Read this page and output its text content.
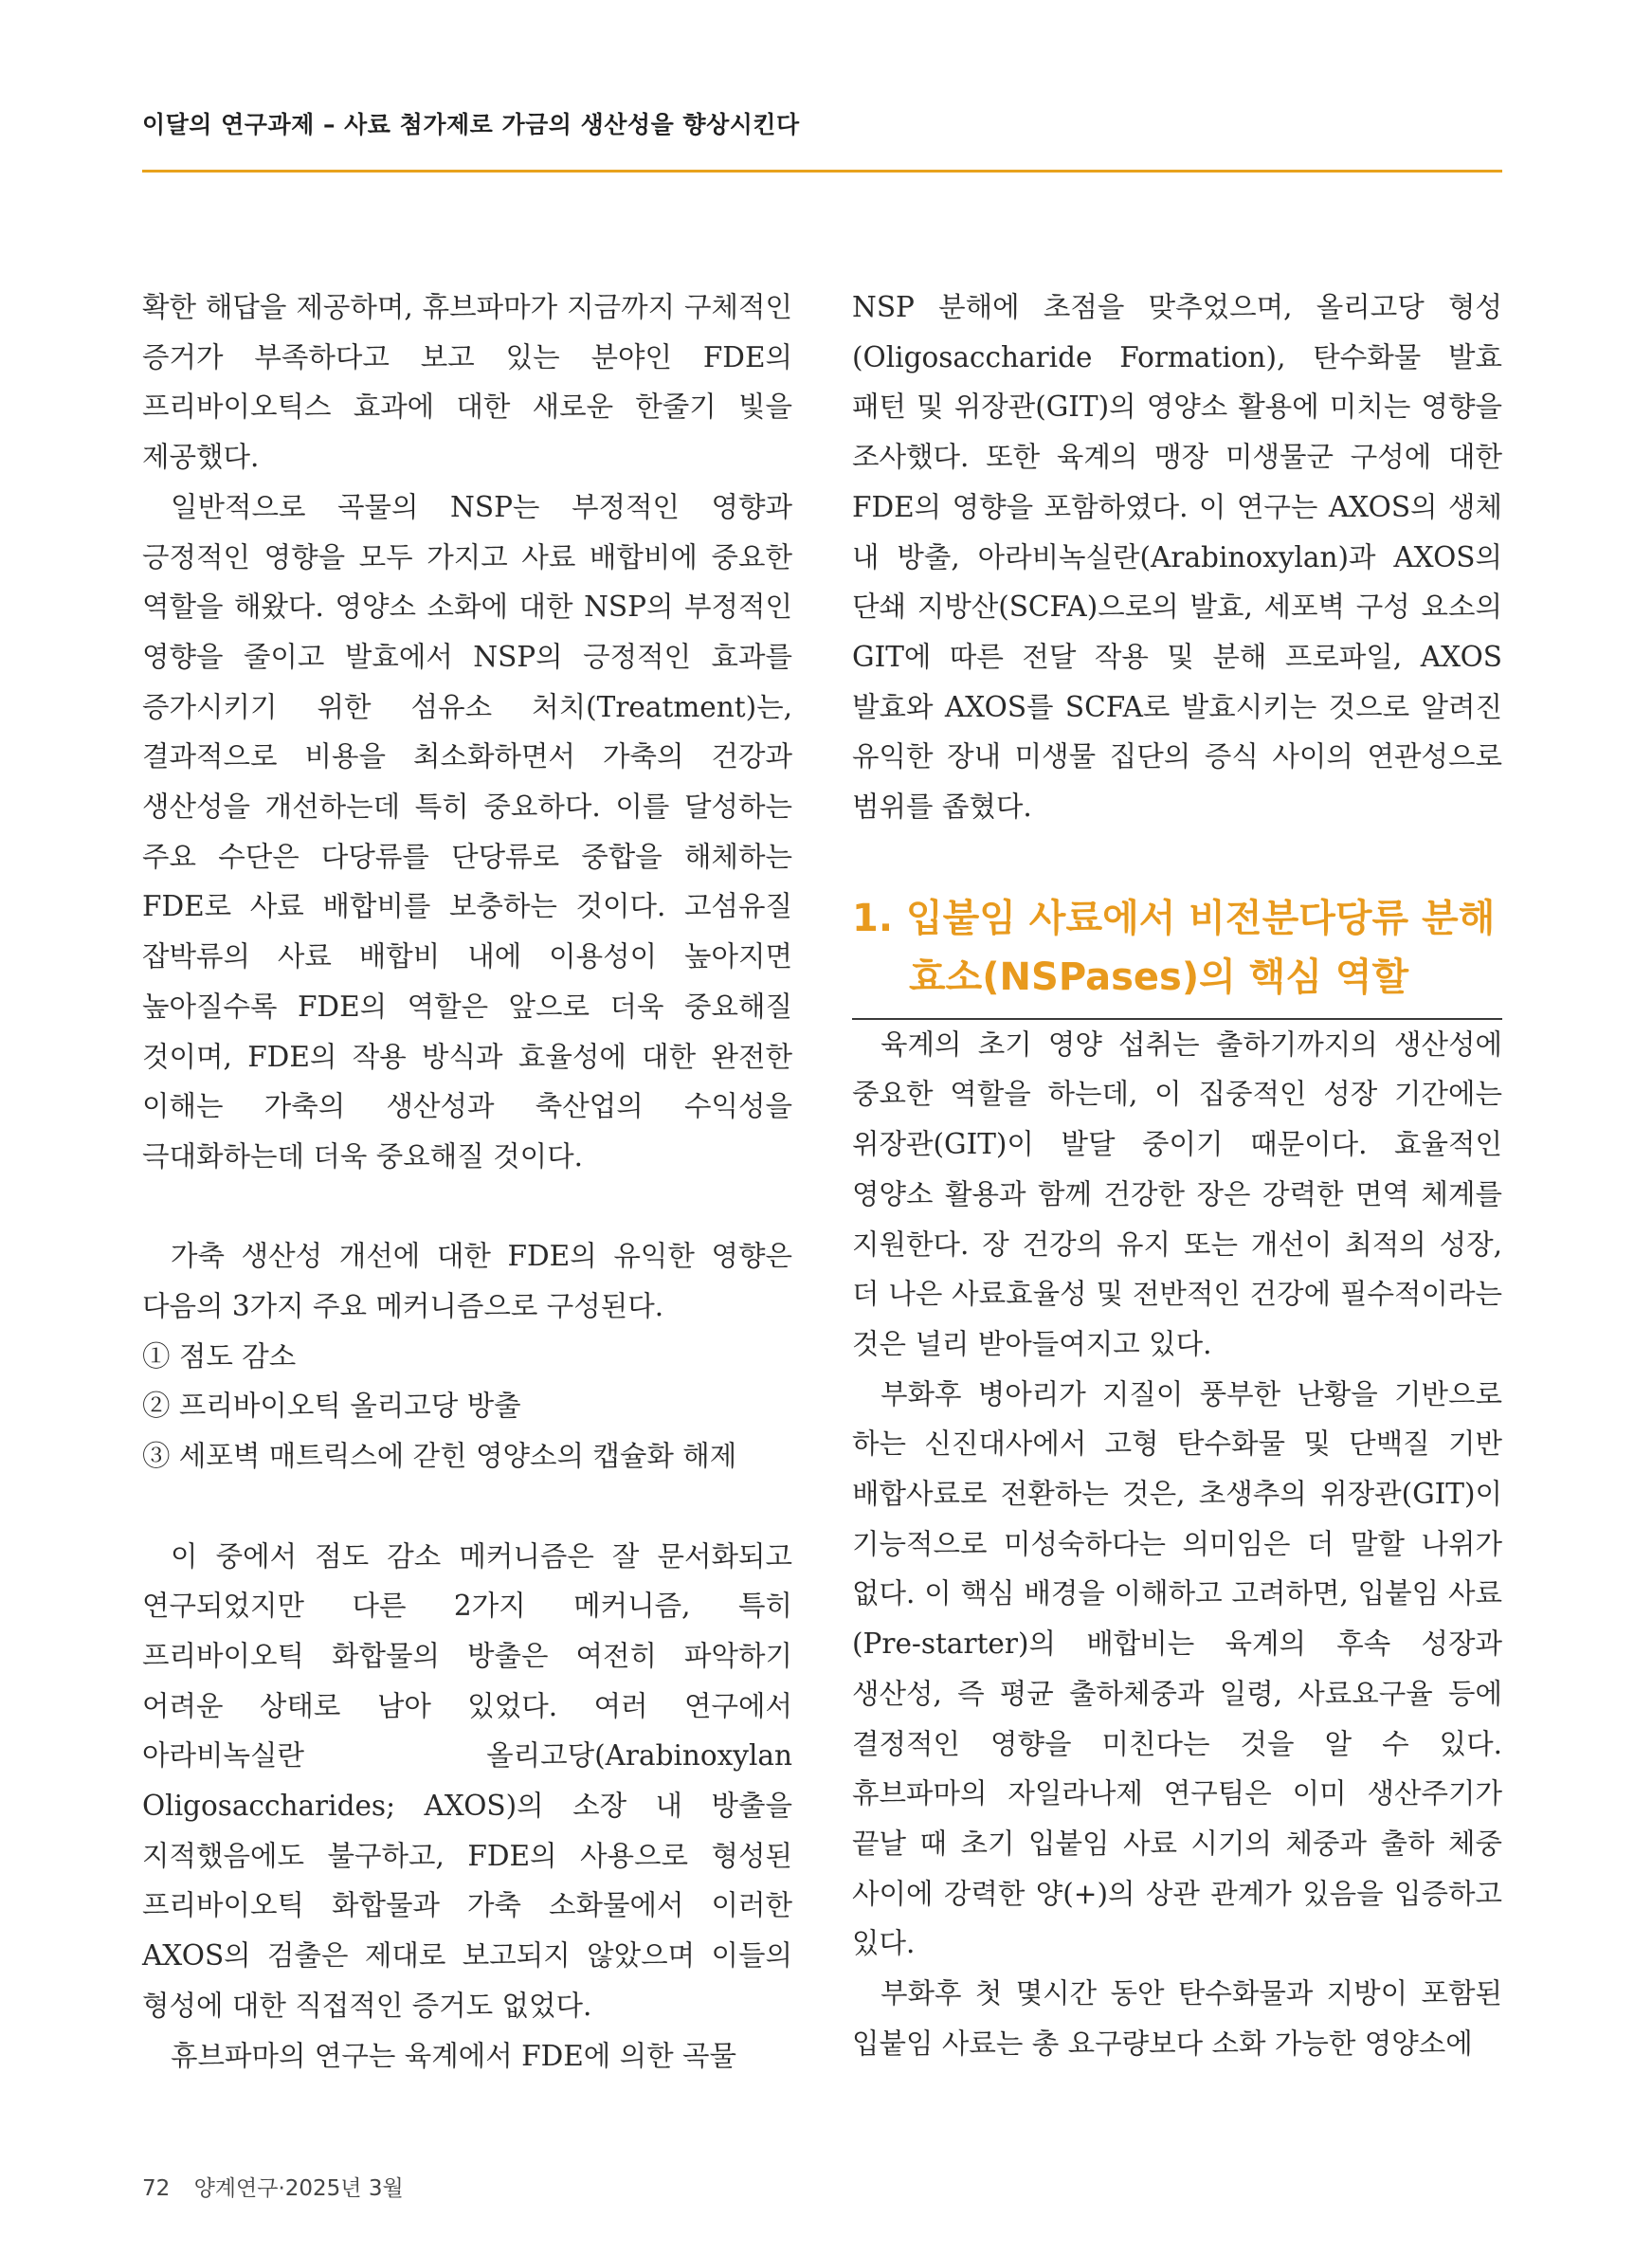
이달의 연구과제 – 사료 첨가제로 가금의 생산성을 향상시킨다

확한 해답을 제공하며, 휴브파마가 지금까지 구체적인 증거가 부족하다고 보고 있는 분야인 FDE의 프리바이오틱스 효과에 대한 새로운 한줄기 빛을 제공했다.

일반적으로 곡물의 NSP는 부정적인 영향과 긍정적인 영향을 모두 가지고 사료 배합비에 중요한 역할을 해왔다. 영양소 소화에 대한 NSP의 부정적인 영향을 줄이고 발효에서 NSP의 긍정적인 효과를 증가시키기 위한 섬유소 처치(Treatment)는, 결과적으로 비용을 최소화하면서 가축의 건강과 생산성을 개선하는데 특히 중요하다. 이를 달성하는 주요 수단은 다당류를 단당류로 중합을 해체하는 FDE로 사료 배합비를 보충하는 것이다. 고섬유질 잡박류의 사료 배합비 내에 이용성이 높아지면 높아질수록 FDE의 역할은 앞으로 더욱 중요해질 것이며, FDE의 작용 방식과 효율성에 대한 완전한 이해는 가축의 생산성과 축산업의 수익성을 극대화하는데 더욱 중요해질 것이다.

가축 생산성 개선에 대한 FDE의 유익한 영향은 다음의 3가지 주요 메커니즘으로 구성된다.

① 점도 감소

② 프리바이오틱 올리고당 방출

③ 세포벽 매트릭스에 갇힌 영양소의 캡슐화 해제

이 중에서 점도 감소 메커니즘은 잘 문서화되고 연구되었지만 다른 2가지 메커니즘, 특히 프리바이오틱 화합물의 방출은 여전히 파악하기 어려운 상태로 남아 있었다. 여러 연구에서 아라비녹실란 올리고당(Arabinoxylan Oligosaccharides; AXOS)의 소장 내 방출을 지적했음에도 불구하고, FDE의 사용으로 형성된 프리바이오틱 화합물과 가축 소화물에서 이러한 AXOS의 검출은 제대로 보고되지 않았으며 이들의 형성에 대한 직접적인 증거도 없었다.

휴브파마의 연구는 육계에서 FDE에 의한 곡물

NSP 분해에 초점을 맞추었으며, 올리고당 형성(Oligosaccharide Formation), 탄수화물 발효 패턴 및 위장관(GIT)의 영양소 활용에 미치는 영향을 조사했다. 또한 육계의 맹장 미생물군 구성에 대한 FDE의 영향을 포함하였다. 이 연구는 AXOS의 생체 내 방출, 아라비녹실란(Arabinoxylan)과 AXOS의 단쇄 지방산(SCFA)으로의 발효, 세포벽 구성 요소의 GIT에 따른 전달 작용 및 분해 프로파일, AXOS 발효와 AXOS를 SCFA로 발효시키는 것으로 알려진 유익한 장내 미생물 집단의 증식 사이의 연관성으로 범위를 좁혔다.

1. 입붙임 사료에서 비전분다당류 분해 효소(NSPases)의 핵심 역할

육계의 초기 영양 섭취는 출하기까지의 생산성에 중요한 역할을 하는데, 이 집중적인 성장 기간에는 위장관(GIT)이 발달 중이기 때문이다. 효율적인 영양소 활용과 함께 건강한 장은 강력한 면역 체계를 지원한다. 장 건강의 유지 또는 개선이 최적의 성장, 더 나은 사료효율성 및 전반적인 건강에 필수적이라는 것은 널리 받아들여지고 있다.

부화후 병아리가 지질이 풍부한 난황을 기반으로 하는 신진대사에서 고형 탄수화물 및 단백질 기반 배합사료로 전환하는 것은, 초생추의 위장관(GIT)이 기능적으로 미성숙하다는 의미임은 더 말할 나위가 없다. 이 핵심 배경을 이해하고 고려하면, 입붙임 사료(Pre-starter)의 배합비는 육계의 후속 성장과 생산성, 즉 평균 출하체중과 일령, 사료요구율 등에 결정적인 영향을 미친다는 것을 알 수 있다. 휴브파마의 자일라나제 연구팀은 이미 생산주기가 끝날 때 초기 입붙임 사료 시기의 체중과 출하 체중 사이에 강력한 양(+)의 상관 관계가 있음을 입증하고 있다.

부화후 첫 몇시간 동안 탄수화물과 지방이 포함된 입붙임 사료는 총 요구량보다 소화 가능한 영양소에

72 양계연구·2025년 3월
